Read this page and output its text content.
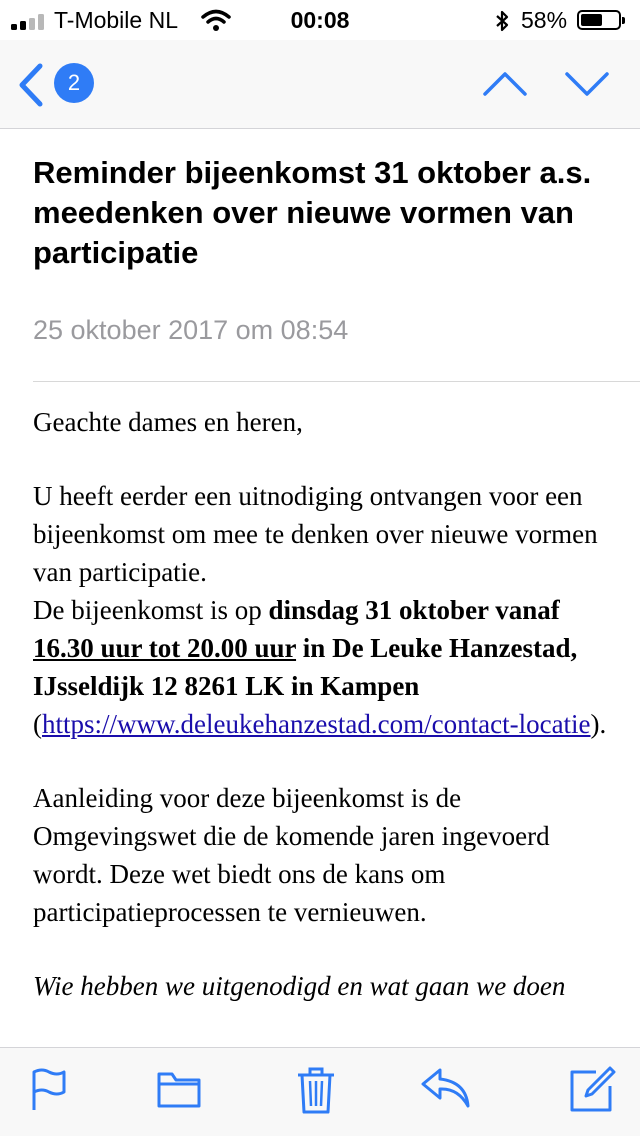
T-Mobile NL	00:08	58%
2
Reminder bijeenkomst 31 oktober a.s. meedenken over nieuwe vormen van participatie
25 oktober 2017 om 08:54

Geachte dames en heren,

U heeft eerder een uitnodiging ontvangen voor een bijeenkomst om mee te denken over nieuwe vormen van participatie.
De bijeenkomst is op dinsdag 31 oktober vanaf 16.30 uur tot 20.00 uur in De Leuke Hanzestad, IJsseldijk 12 8261 LK in Kampen (https://www.deleukehanzestad.com/contact-locatie).

Aanleiding voor deze bijeenkomst is de Omgevingswet die de komende jaren ingevoerd wordt. Deze wet biedt ons de kans om participatieprocessen te vernieuwen.

Wie hebben we uitgenodigd en wat gaan we doen
